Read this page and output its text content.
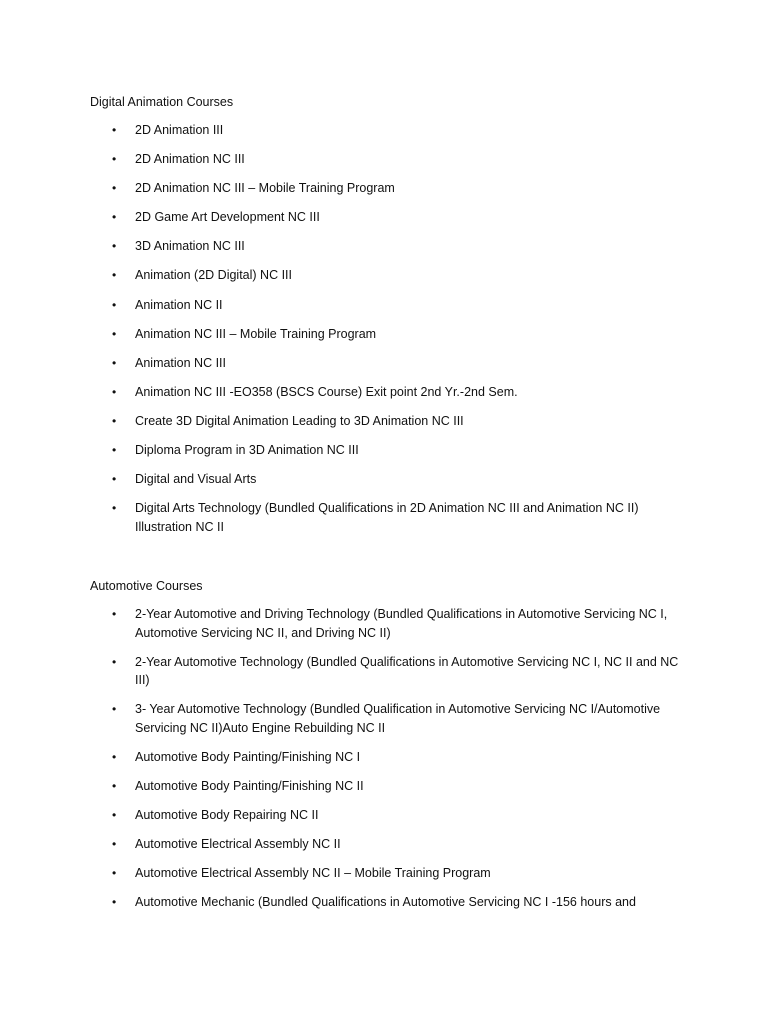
Digital Animation Courses

• 2D Animation III
• 2D Animation NC III
• 2D Animation NC III – Mobile Training Program
• 2D Game Art Development NC III
• 3D Animation NC III
• Animation (2D Digital) NC III
• Animation NC II
• Animation NC III – Mobile Training Program
• Animation NC III
• Animation NC III -EO358 (BSCS Course) Exit point 2nd Yr.-2nd Sem.
• Create 3D Digital Animation Leading to 3D Animation NC III
• Diploma Program in 3D Animation NC III
• Digital and Visual Arts
• Digital Arts Technology (Bundled Qualifications in 2D Animation NC III and Animation NC II) Illustration NC II

Automotive Courses

• 2-Year Automotive and Driving Technology (Bundled Qualifications in Automotive Servicing NC I, Automotive Servicing NC II, and Driving NC II)
• 2-Year Automotive Technology (Bundled Qualifications in Automotive Servicing NC I, NC II and NC III)
• 3- Year Automotive Technology (Bundled Qualification in Automotive Servicing NC I/Automotive Servicing NC II)Auto Engine Rebuilding NC II
• Automotive Body Painting/Finishing NC I
• Automotive Body Painting/Finishing NC II
• Automotive Body Repairing NC II
• Automotive Electrical Assembly NC II
• Automotive Electrical Assembly NC II – Mobile Training Program
• Automotive Mechanic (Bundled Qualifications in Automotive Servicing NC I -156 hours and
